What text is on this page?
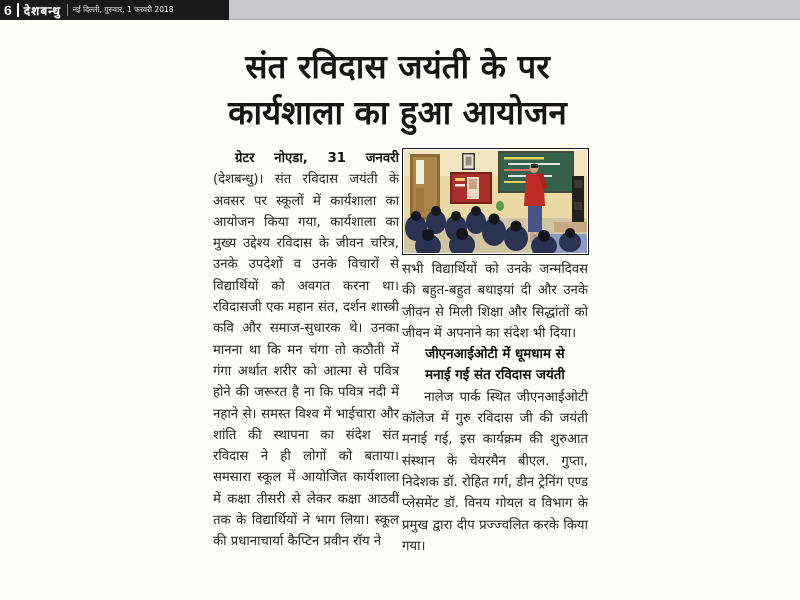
6	देशबन्धु नई दिल्ली, गुरुवार, 1 फरवरी 2018
संत रविदास जयंती के पर
कार्यशाला का हुआ आयोजन
ग्रेटर नोएडा, 31 जनवरी (देशबन्धु)। संत रविदास जयंती के अवसर पर स्कूलों में कार्यशाला का आयोजन किया गया, कार्यशाला का मुख्य उद्देश्य रविदास के जीवन चरित्र, उनके उपदेशों व उनके विचारों से विद्यार्थियों को अवगत करना था। रविदासजी एक महान संत, दर्शन शास्त्री कवि और समाज-सुधारक थे। उनका मानना था कि मन चंगा तो कठौती में गंगा अर्थात शरीर को आत्मा से पवित्र होने की जरूरत है ना कि पवित्र नदी में नहाने से। समस्त विश्व में भाईचारा और शांति की स्थापना का संदेश संत रविदास ने ही लोगों को बताया। समसारा स्कूल में आयोजित कार्यशाला में कक्षा तीसरी से लेकर कक्षा आठवीं तक के विद्यार्थियों ने भाग लिया। स्कूल की प्रधानाचार्या कैप्टिन प्रवीन रॉय ने
सभी विद्यार्थियों को उनके जन्मदिवस की बहुत-बहुत बधाइयां दी और उनके जीवन से मिली शिक्षा और सिद्धांतों को जीवन में अपनाने का संदेश भी दिया।
जीएनआईओटी में धूमधाम से
मनाई गई संत रविदास जयंती
नालेज पार्क स्थित जीएनआईओटी कॉलेज में गुरु रविदास जी की जयंती मनाई गई, इस कार्यक्रम की शुरुआत संस्थान के चेयरमैन बीएल. गुप्ता, निदेशक डॉ. रोहित गर्ग, डीन ट्रेनिंग एण्ड प्लेसमेंट डॉ. विनय गोयल व विभाग के प्रमुख द्वारा दीप प्रज्ज्वलित करके किया गया।
